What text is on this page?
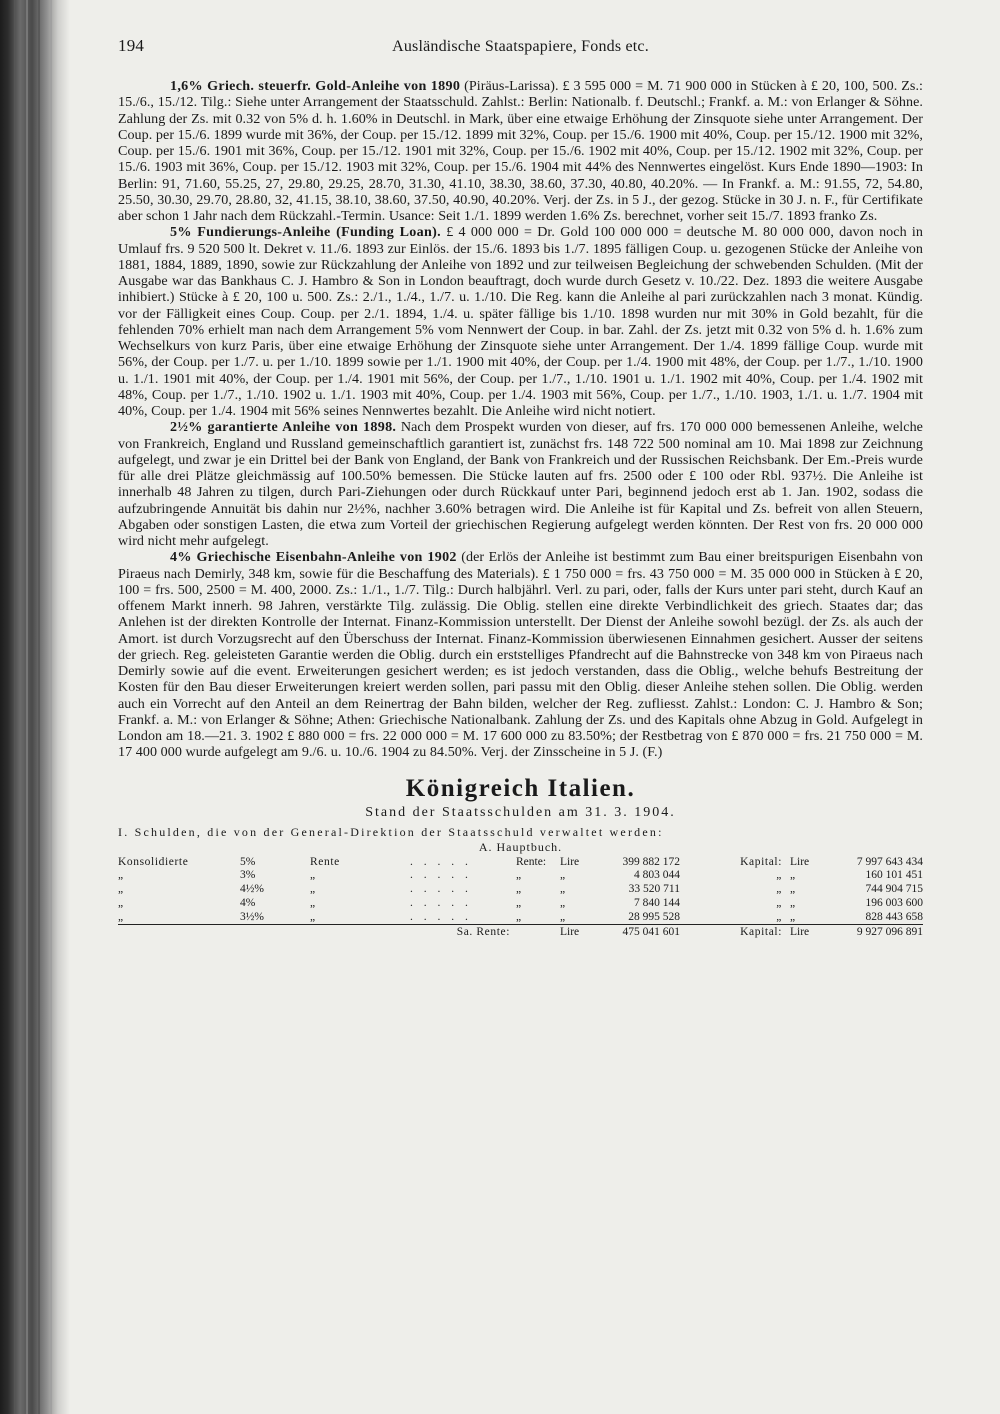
194	Ausländische Staatspapiere, Fonds etc.

1,6% Griech. steuerfr. Gold-Anleihe von 1890 (Piräus-Larissa). £ 3 595 000 = M. 71 900 000 in Stücken à £ 20, 100, 500. Zs.: 15./6., 15./12. Tilg.: Siehe unter Arrangement der Staatsschuld. Zahlst.: Berlin: Nationalb. f. Deutschl.; Frankf. a. M.: von Erlanger & Söhne. Zahlung der Zs. mit 0.32 von 5% d. h. 1.60% in Deutschl. in Mark, über eine etwaige Erhöhung der Zinsquote siehe unter Arrangement. Der Coup. per 15./6. 1899 wurde mit 36%, der Coup. per 15./12. 1899 mit 32%, Coup. per 15./6. 1900 mit 40%, Coup. per 15./12. 1900 mit 32%, Coup. per 15./6. 1901 mit 36%, Coup. per 15./12. 1901 mit 32%, Coup. per 15./6. 1902 mit 40%, Coup. per 15./12. 1902 mit 32%, Coup. per 15./6. 1903 mit 36%, Coup. per 15./12. 1903 mit 32%, Coup. per 15./6. 1904 mit 44% des Nennwertes eingelöst. Kurs Ende 1890—1903: In Berlin: 91, 71.60, 55.25, 27, 29.80, 29.25, 28.70, 31.30, 41.10, 38.30, 38.60, 37.30, 40.80, 40.20%. — In Frankf. a. M.: 91.55, 72, 54.80, 25.50, 30.30, 29.70, 28.80, 32, 41.15, 38.10, 38.60, 37.50, 40.90, 40.20%. Verj. der Zs. in 5 J., der gezog. Stücke in 30 J. n. F., für Certifikate aber schon 1 Jahr nach dem Rückzahl.-Termin. Usance: Seit 1./1. 1899 werden 1.6% Zs. berechnet, vorher seit 15./7. 1893 franko Zs.

5% Fundierungs-Anleihe (Funding Loan). £ 4 000 000 = Dr. Gold 100 000 000 = deutsche M. 80 000 000, davon noch in Umlauf frs. 9 520 500 lt. Dekret v. 11./6. 1893 zur Einlös. der 15./6. 1893 bis 1./7. 1895 fälligen Coup. u. gezogenen Stücke der Anleihe von 1881, 1884, 1889, 1890, sowie zur Rückzahlung der Anleihe von 1892 und zur teilweisen Begleichung der schwebenden Schulden. (Mit der Ausgabe war das Bankhaus C. J. Hambro & Son in London beauftragt, doch wurde durch Gesetz v. 10./22. Dez. 1893 die weitere Ausgabe inhibiert.) Stücke à £ 20, 100 u. 500. Zs.: 2./1., 1./4., 1./7. u. 1./10. Die Reg. kann die Anleihe al pari zurückzahlen nach 3 monat. Kündig. vor der Fälligkeit eines Coup. Coup. per 2./1. 1894, 1./4. u. später fällige bis 1./10. 1898 wurden nur mit 30% in Gold bezahlt, für die fehlenden 70% erhielt man nach dem Arrangement 5% vom Nennwert der Coup. in bar. Zahl. der Zs. jetzt mit 0.32 von 5% d. h. 1.6% zum Wechselkurs von kurz Paris, über eine etwaige Erhöhung der Zinsquote siehe unter Arrangement. Der 1./4. 1899 fällige Coup. wurde mit 56%, der Coup. per 1./7. u. per 1./10. 1899 sowie per 1./1. 1900 mit 40%, der Coup. per 1./4. 1900 mit 48%, der Coup. per 1./7., 1./10. 1900 u. 1./1. 1901 mit 40%, der Coup. per 1./4. 1901 mit 56%, der Coup. per 1./7., 1./10. 1901 u. 1./1. 1902 mit 40%, Coup. per 1./4. 1902 mit 48%, Coup. per 1./7., 1./10. 1902 u. 1./1. 1903 mit 40%, Coup. per 1./4. 1903 mit 56%, Coup. per 1./7., 1./10. 1903, 1./1. u. 1./7. 1904 mit 40%, Coup. per 1./4. 1904 mit 56% seines Nennwertes bezahlt. Die Anleihe wird nicht notiert.

2½% garantierte Anleihe von 1898. Nach dem Prospekt wurden von dieser, auf frs. 170 000 000 bemessenen Anleihe, welche von Frankreich, England und Russland gemeinschaftlich garantiert ist, zunächst frs. 148 722 500 nominal am 10. Mai 1898 zur Zeichnung aufgelegt, und zwar je ein Drittel bei der Bank von England, der Bank von Frankreich und der Russischen Reichsbank. Der Em.-Preis wurde für alle drei Plätze gleichmässig auf 100.50% bemessen. Die Stücke lauten auf frs. 2500 oder £ 100 oder Rbl. 937½. Die Anleihe ist innerhalb 48 Jahren zu tilgen, durch Pari-Ziehungen oder durch Rückkauf unter Pari, beginnend jedoch erst ab 1. Jan. 1902, sodass die aufzubringende Annuität bis dahin nur 2½%, nachher 3.60% betragen wird. Die Anleihe ist für Kapital und Zs. befreit von allen Steuern, Abgaben oder sonstigen Lasten, die etwa zum Vorteil der griechischen Regierung aufgelegt werden könnten. Der Rest von frs. 20 000 000 wird nicht mehr aufgelegt.

4% Griechische Eisenbahn-Anleihe von 1902 (der Erlös der Anleihe ist bestimmt zum Bau einer breitspurigen Eisenbahn von Piraeus nach Demirly, 348 km, sowie für die Beschaffung des Materials). £ 1 750 000 = frs. 43 750 000 = M. 35 000 000 in Stücken à £ 20, 100 = frs. 500, 2500 = M. 400, 2000. Zs.: 1./1., 1./7. Tilg.: Durch halbjährl. Verl. zu pari, oder, falls der Kurs unter pari steht, durch Kauf an offenem Markt innerh. 98 Jahren, verstärkte Tilg. zulässig. Die Oblig. stellen eine direkte Verbindlichkeit des griech. Staates dar; das Anlehen ist der direkten Kontrolle der Internat. Finanz-Kommission unterstellt. Der Dienst der Anleihe sowohl bezügl. der Zs. als auch der Amort. ist durch Vorzugsrecht auf den Überschuss der Internat. Finanz-Kommission überwiesenen Einnahmen gesichert. Ausser der seitens der griech. Reg. geleisteten Garantie werden die Oblig. durch ein erststelliges Pfandrecht auf die Bahnstrecke von 348 km von Piraeus nach Demirly sowie auf die event. Erweiterungen gesichert werden; es ist jedoch verstanden, dass die Oblig., welche behufs Bestreitung der Kosten für den Bau dieser Erweiterungen kreiert werden sollen, pari passu mit den Oblig. dieser Anleihe stehen sollen. Die Oblig. werden auch ein Vorrecht auf den Anteil an dem Reinertrag der Bahn bilden, welcher der Reg. zufliesst. Zahlst.: London: C. J. Hambro & Son; Frankf. a. M.: von Erlanger & Söhne; Athen: Griechische Nationalbank. Zahlung der Zs. und des Kapitals ohne Abzug in Gold. Aufgelegt in London am 18.—21. 3. 1902 £ 880 000 = frs. 22 000 000 = M. 17 600 000 zu 83.50%; der Restbetrag von £ 870 000 = frs. 21 750 000 = M. 17 400 000 wurde aufgelegt am 9./6. u. 10./6. 1904 zu 84.50%. Verj. der Zinsscheine in 5 J. (F.)

Königreich Italien.
Stand der Staatsschulden am 31. 3. 1904.
I. Schulden, die von der General-Direktion der Staatsschuld verwaltet werden:
A. Hauptbuch.
Konsolidierte	5%	Rente	. . . . .	Rente:	Lire	399 882 172	Kapital:	Lire	7 997 643 434
„	3%	„	. . . . .	„	„	4 803 044	„	„	160 101 451
„	4½%	„	. . . . .	„	„	33 520 711	„	„	744 904 715
„	4%	„	. . . . .	„	„	7 840 144	„	„	196 003 600
„	3½%	„	. . . . .	„	„	28 995 528	„	„	828 443 658
			Sa. Rente:		Lire	475 041 601	Kapital:	Lire	9 927 096 891
